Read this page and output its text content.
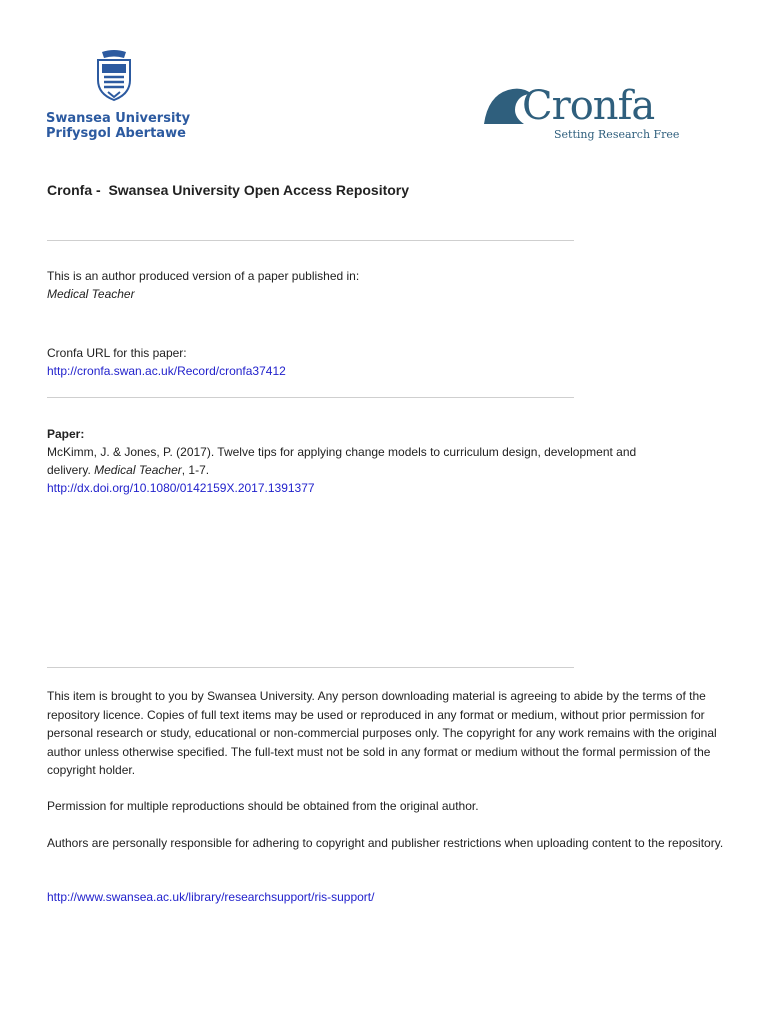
Swansea University
Prifysgol Abertawe
Cronfa
Setting Research Free
Cronfa -  Swansea University Open Access Repository
This is an author produced version of a paper published in:
Medical Teacher
Cronfa URL for this paper:
http://cronfa.swan.ac.uk/Record/cronfa37412
Paper:
McKimm, J. & Jones, P. (2017). Twelve tips for applying change models to curriculum design, development and
delivery. Medical Teacher, 1-7.
http://dx.doi.org/10.1080/0142159X.2017.1391377
This item is brought to you by Swansea University. Any person downloading material is agreeing to abide by the terms of the repository licence. Copies of full text items may be used or reproduced in any format or medium, without prior permission for personal research or study, educational or non-commercial purposes only. The copyright for any work remains with the original author unless otherwise specified. The full-text must not be sold in any format or medium without the formal permission of the copyright holder.
Permission for multiple reproductions should be obtained from the original author.
Authors are personally responsible for adhering to copyright and publisher restrictions when uploading content to the repository.
http://www.swansea.ac.uk/library/researchsupport/ris-support/
